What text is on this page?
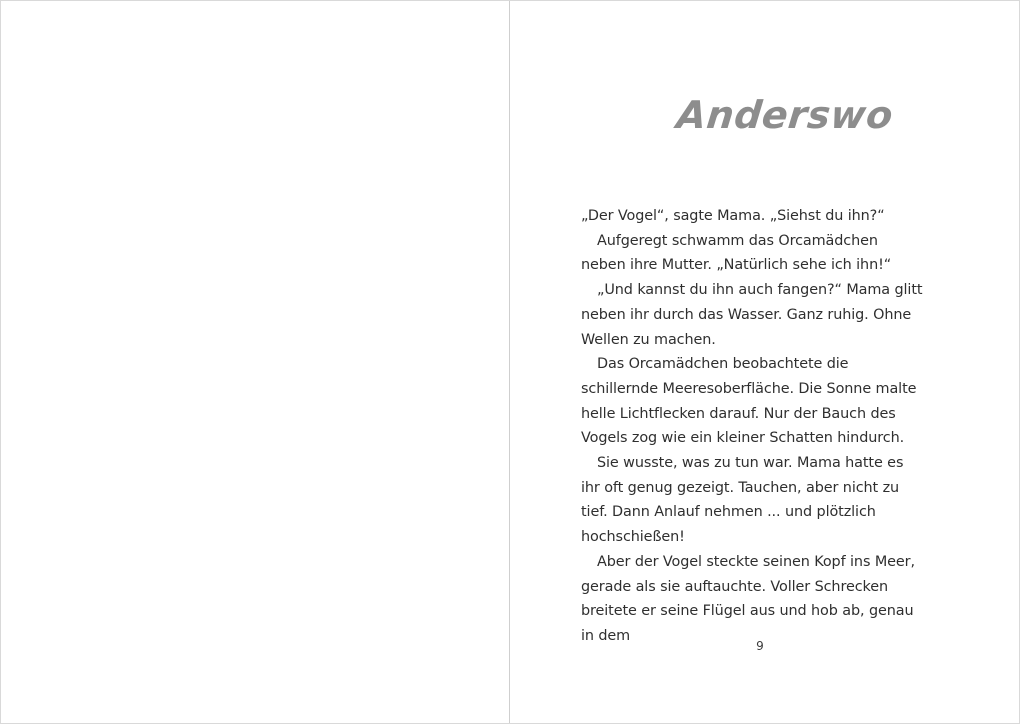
Anderswo

„Der Vogel“, sagte Mama. „Siehst du ihn?“

Aufgeregt schwamm das Orcamädchen neben ihre Mutter. „Natürlich sehe ich ihn!“

„Und kannst du ihn auch fangen?“ Mama glitt neben ihr durch das Wasser. Ganz ruhig. Ohne Wellen zu machen.

Das Orcamädchen beobachtete die schillernde Meeresoberfläche. Die Sonne malte helle Lichtflecken darauf. Nur der Bauch des Vogels zog wie ein kleiner Schatten hindurch.

Sie wusste, was zu tun war. Mama hatte es ihr oft genug gezeigt. Tauchen, aber nicht zu tief. Dann Anlauf nehmen ... und plötzlich hochschießen!

Aber der Vogel steckte seinen Kopf ins Meer, gerade als sie auftauchte. Voller Schrecken breitete er seine Flügel aus und hob ab, genau in dem

9
